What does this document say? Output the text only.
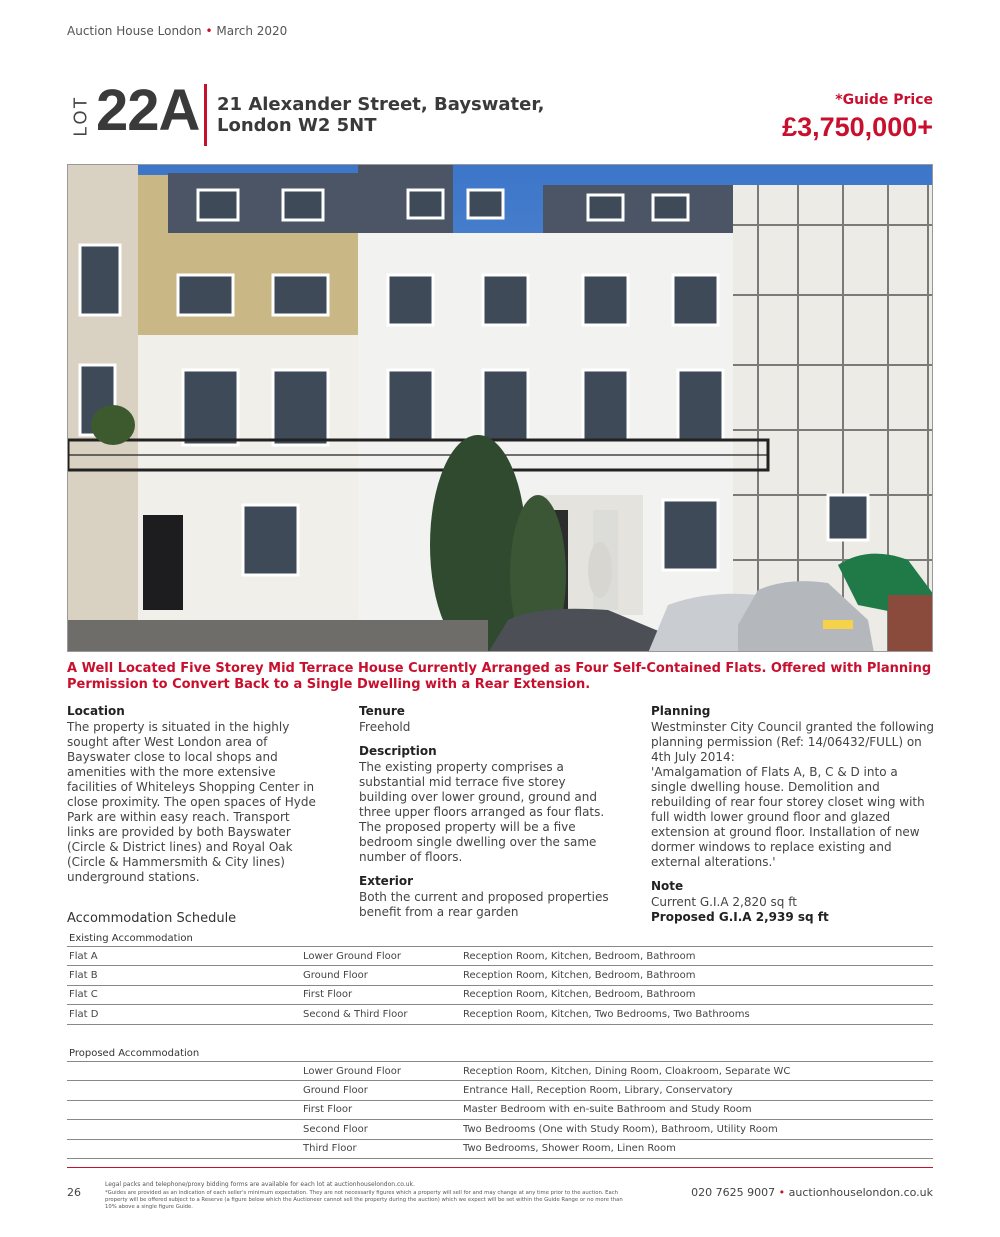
Auction House London • March 2020
LOT 22A 21 Alexander Street, Bayswater,
London W2 5NT
*Guide Price
£3,750,000+
A Well Located Five Storey Mid Terrace House Currently Arranged as Four Self-Contained Flats. Offered with Planning Permission to Convert Back to a Single Dwelling with a Rear Extension.
Location

The property is situated in the highly sought after West London area of Bayswater close to local shops and amenities with the more extensive facilities of Whiteleys Shopping Center in close proximity. The open spaces of Hyde Park are within easy reach. Transport links are provided by both Bayswater (Circle & District lines) and Royal Oak (Circle & Hammersmith & City lines) underground stations.

Tenure

Freehold

Description

The existing property comprises a substantial mid terrace five storey building over lower ground, ground and three upper floors arranged as four flats. The proposed property will be a five bedroom single dwelling over the same number of floors.

Exterior

Both the current and proposed properties benefit from a rear garden

Planning
Westminster City Council granted the following planning permission (Ref: 14/06432/FULL) on 4th July 2014:

'Amalgamation of Flats A, B, C & D into a single dwelling house. Demolition and rebuilding of rear four storey closet wing with full width lower ground floor and glazed extension at ground floor. Installation of new dormer windows to replace existing and external alterations.'

Note
Current G.I.A 2,820 sq ft
Proposed G.I.A 2,939 sq ft
Accommodation Schedule
Existing Accommodation
Flat A	Lower Ground Floor	Reception Room, Kitchen, Bedroom, Bathroom
Flat B	Ground Floor	Reception Room, Kitchen, Bedroom, Bathroom
Flat C	First Floor	Reception Room, Kitchen, Bedroom, Bathroom
Flat D	Second & Third Floor	Reception Room, Kitchen, Two Bedrooms, Two Bathrooms
Proposed Accommodation
	Lower Ground Floor	Reception Room, Kitchen, Dining Room, Cloakroom, Separate WC
	Ground Floor	Entrance Hall, Reception Room, Library, Conservatory
	First Floor	Master Bedroom with en-suite Bathroom and Study Room
	Second Floor	Two Bedrooms (One with Study Room), Bathroom, Utility Room
	Third Floor	Two Bedrooms, Shower Room, Linen Room
26
Legal packs and telephone/proxy bidding forms are available for each lot at auctionhouselondon.co.uk.
*Guides are provided as an indication of each seller's minimum expectation. They are not necessarily figures which a property will sell for and may change at any time prior to the auction. Each property will be offered subject to a Reserve (a figure below which the Auctioneer cannot sell the property during the auction) which we expect will be set within the Guide Range or no more than 10% above a single figure Guide.
020 7625 9007 • auctionhouselondon.co.uk
